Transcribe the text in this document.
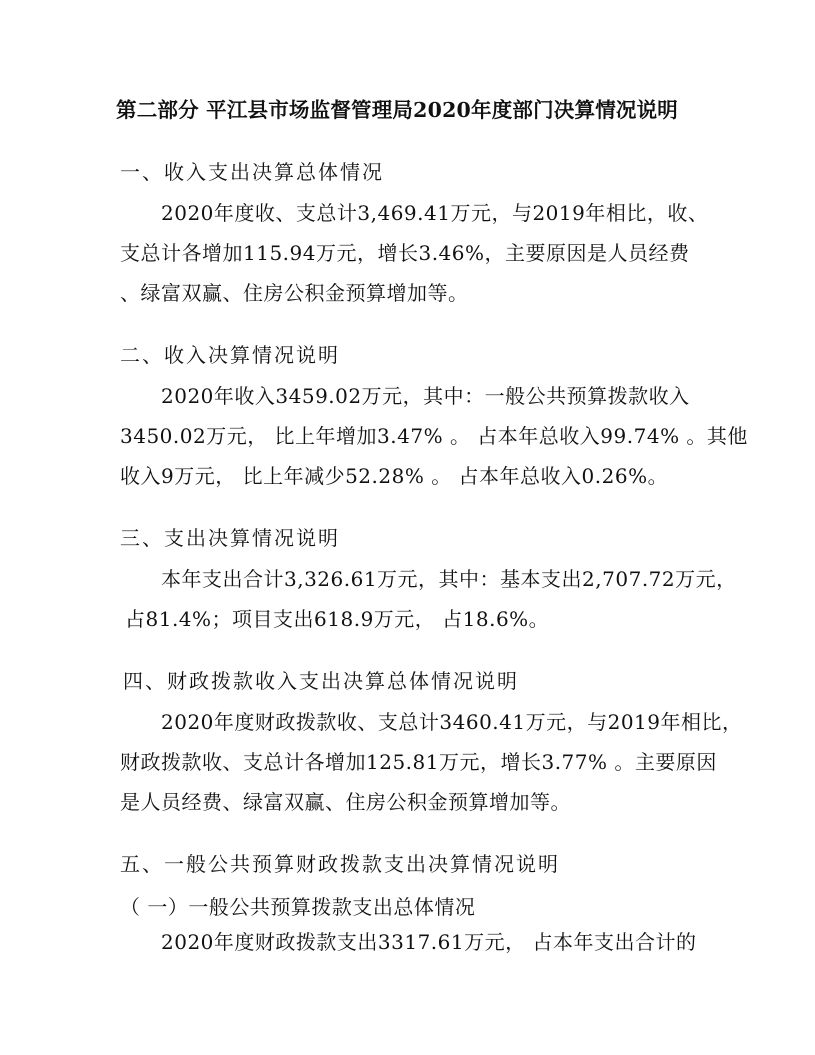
第二部分 平江县市场监督管理局2020年度部门决算情况说明
一、收入支出决算总体情况
2020年度收、支总计3,469.41万元，与2019年相比，收、
支总计各增加115.94万元，增长3.46%，主要原因是人员经费
、绿富双赢、住房公积金预算增加等。
二、收入决算情况说明
2020年收入3459.02万元，其中：一般公共预算拨款收入
3450.02万元， 比上年增加3.47% 。 占本年总收入99.74% 。其他
收入9万元， 比上年减少52.28% 。 占本年总收入0.26%。
三、支出决算情况说明
本年支出合计3,326.61万元，其中：基本支出2,707.72万元，
占81.4%；项目支出618.9万元， 占18.6%。
四、财政拨款收入支出决算总体情况说明
2020年度财政拨款收、支总计3460.41万元，与2019年相比，
财政拨款收、支总计各增加125.81万元，增长3.77% 。主要原因
是人员经费、绿富双赢、住房公积金预算增加等。
五、一般公共预算财政拨款支出决算情况说明
（ 一）一般公共预算拨款支出总体情况
2020年度财政拨款支出3317.61万元， 占本年支出合计的
